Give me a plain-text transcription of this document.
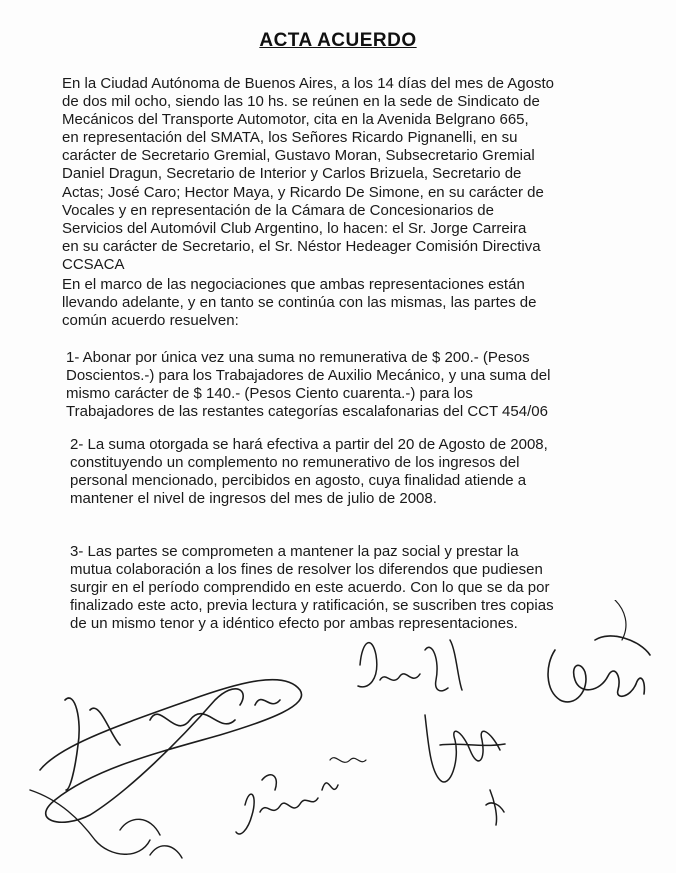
ACTA ACUERDO
En la Ciudad Autónoma de Buenos Aires, a los 14 días del mes de Agosto
de dos mil ocho, siendo las 10 hs. se reúnen en la sede de Sindicato de
Mecánicos del Transporte Automotor, cita en la Avenida Belgrano 665,
en representación del SMATA, los Señores Ricardo Pignanelli, en su
carácter de Secretario Gremial, Gustavo Moran, Subsecretario Gremial
Daniel Dragun, Secretario de Interior y Carlos Brizuela, Secretario de
Actas; José Caro; Hector Maya, y Ricardo De Simone, en su carácter de
Vocales y en representación de la Cámara de Concesionarios de
Servicios del Automóvil Club Argentino, lo hacen: el Sr. Jorge Carreira
en su carácter de Secretario, el Sr. Néstor Hedeager Comisión Directiva
CCSACA
En el marco de las negociaciones que ambas representaciones están
llevando adelante, y en tanto se continúa con las mismas, las partes de
común acuerdo resuelven:
1- Abonar por única vez una suma no remunerativa de $ 200.- (Pesos
Doscientos.-) para los Trabajadores de Auxilio Mecánico, y una suma del
mismo carácter de $ 140.- (Pesos Ciento cuarenta.-) para los
Trabajadores de las restantes categorías escalafonarias del CCT 454/06
2- La suma otorgada se hará efectiva a partir del 20 de Agosto de 2008,
constituyendo un complemento no remunerativo de los ingresos del
personal mencionado, percibidos en agosto, cuya finalidad atiende a
mantener el nivel de ingresos del mes de julio de 2008.
3- Las partes se comprometen a mantener la paz social y prestar la
mutua colaboración a los fines de resolver los diferendos que pudiesen
surgir en el período comprendido en este acuerdo. Con lo que se da por
finalizado este acto, previa lectura y ratificación, se suscriben tres copias
de un mismo tenor y a idéntico efecto por ambas representaciones.
